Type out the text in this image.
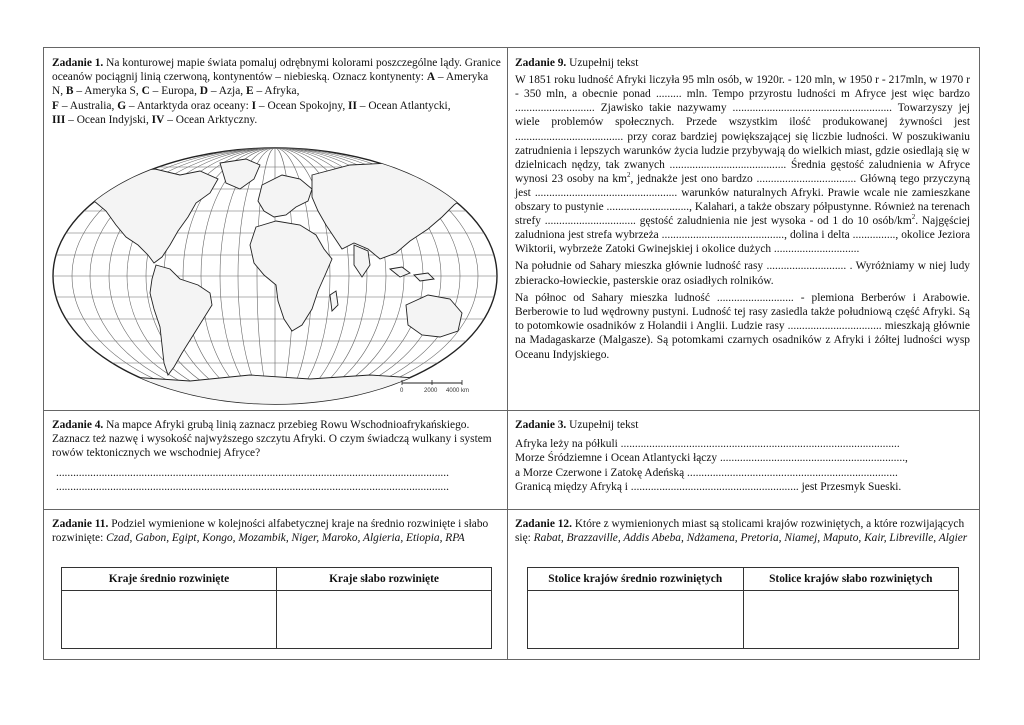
Zadanie 1. Na konturowej mapie świata pomaluj odrębnymi kolorami poszczególne lądy. Granice oceanów pociągnij linią czerwoną, kontynentów – niebieską. Oznacz kontynenty: A – Ameryka N, B – Ameryka S, C – Europa, D – Azja, E – Afryka,
F – Australia, G – Antarktyda oraz oceany: I – Ocean Spokojny, II – Ocean Atlantycki,
III – Ocean Indyjski, IV – Ocean Arktyczny.

0	2000 4000 km

Zadanie 9. Uzupełnij tekst

W 1851 roku ludność Afryki liczyła 95 mln osób, w 1920r. - 120 mln, w 1950 r - 217mln, w 1970 r - 350 mln, a obecnie ponad ......... mln. Tempo przyrostu ludności m Afryce jest więc bardzo ............................ Zjawisko takie nazywamy ........................................................ Towarzyszy jej wiele problemów społecznych. Przede wszystkim ilość produkowanej żywności jest ...................................... przy coraz bardziej powiększającej się liczbie ludności. W poszukiwaniu zatrudnienia i lepszych warunków życia ludzie przybywają do wielkich miast, gdzie osiedlają się w dzielnicach nędzy, tak zwanych ......................................... Średnia gęstość zaludnienia w Afryce wynosi 23 osoby na $km^2$, jednakże jest ono bardzo ................................... Główną tego przyczyną jest .................................................. warunków naturalnych Afryki. Prawie wcale nie zamieszkane obszary to pustynie ............................., Kalahari, a także obszary półpustynne. Również na terenach strefy ................................ gęstość zaludnienia nie jest wysoka - od 1 do 10 osób/$km^2$. Najgęściej zaludniona jest strefa wybrzeża ..........................................., dolina i delta ..............., okolice Jeziora Wiktorii, wybrzeże Zatoki Gwinejskiej i okolice dużych ..............................

Na południe od Sahary mieszka głównie ludność rasy ............................ . Wyróżniamy w niej ludy zbieracko-łowieckie, pasterskie oraz osiadłych rolników.

Na północ od Sahary mieszka ludność ........................... - plemiona Berberów i Arabowie. Berberowie to lud wędrowny pustyni. Ludność tej rasy zasiedla także południową część Afryki. Są to potomkowie osadników z Holandii i Anglii. Ludzie rasy ................................. mieszkają głównie na Madagaskarze (Malgasze). Są potomkami czarnych osadników z Afryki i żółtej ludności wysp Oceanu Indyjskiego.

Zadanie 4. Na mapce Afryki grubą linią zaznacz przebieg Rowu Wschodnioafrykańskiego. Zaznacz też nazwę i wysokość najwyższego szczytu Afryki. O czym świadczą wulkany i system rowów tektonicznych we wschodniej Afryce?

..........................................................................................................................................

..........................................................................................................................................

Zadanie 3. Uzupełnij tekst

Afryka leży na półkuli ..................................................................................................

Morze Śródziemne i Ocean Atlantycki łączy .................................................................,

a Morze Czerwone i Zatokę Adeńską ..........................................................................

Granicą między Afryką i ........................................................... jest Przesmyk Sueski.

Zadanie 11. Podziel wymienione w kolejności alfabetycznej kraje na średnio rozwinięte i słabo rozwinięte: Czad, Gabon, Egipt, Kongo, Mozambik, Niger, Maroko, Algieria, Etiopia, RPA

Kraje średnio rozwinięte	Kraje słabo rozwinięte

Zadanie 12. Które z wymienionych miast są stolicami krajów rozwiniętych, a które rozwijających się: Rabat, Brazzaville, Addis Abeba, Ndżamena, Pretoria, Niamej, Maputo, Kair, Libreville, Algier

Stolice krajów średnio rozwiniętych	Stolice krajów słabo rozwiniętych
